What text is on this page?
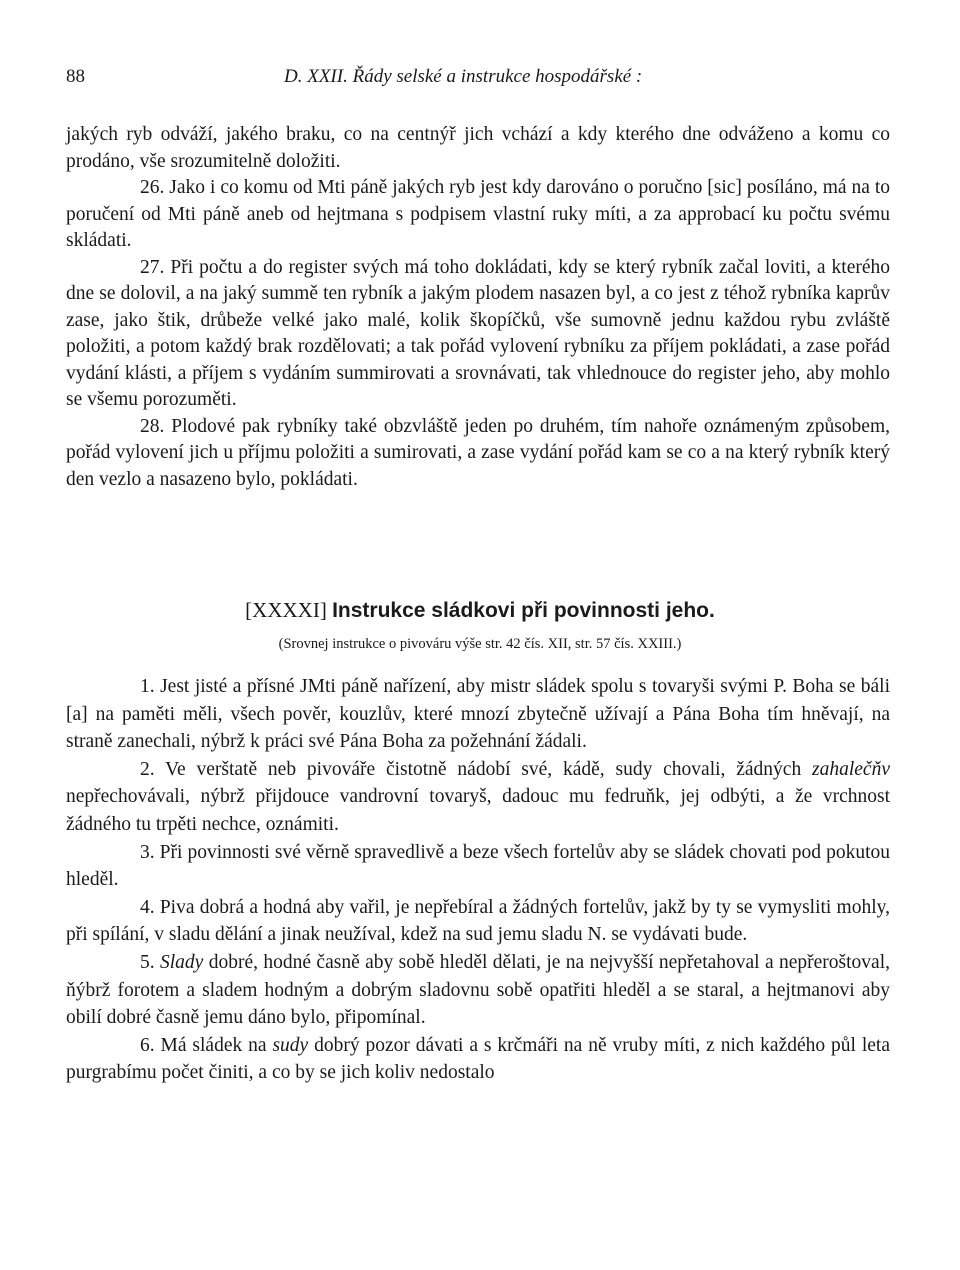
88	D. XXII. Řády selské a instrukce hospodářské :

jakých ryb odváží, jakého braku, co na centnýř jich vchází a kdy kterého dne odváženo a komu co prodáno, vše srozumitelně doložiti.

26. Jako i co komu od Mti páně jakých ryb jest kdy darováno o poručno [sic] posíláno, má na to poručení od Mti páně aneb od hejtmana s podpisem vlastní ruky míti, a za approbací ku počtu svému skládati.

27. Při počtu a do register svých má toho dokládati, kdy se který rybník začal loviti, a kterého dne se dolovil, a na jaký summě ten rybník a jakým plodem nasazen byl, a co jest z téhož rybníka kaprův zase, jako štik, drůbeže velké jako malé, kolik škopíčků, vše sumovně jednu každou rybu zvláště položiti, a potom každý brak rozdělovati; a tak pořád vylovení rybníku za příjem pokládati, a zase pořád vydání klásti, a příjem s vydáním summirovati a srovnávati, tak vhlednouce do register jeho, aby mohlo se všemu porozuměti.

28. Plodové pak rybníky také obzvláště jeden po druhém, tím nahoře oznámeným způsobem, pořád vylovení jich u příjmu položiti a sumirovati, a zase vydání pořád kam se co a na který rybník který den vezlo a nasazeno bylo, pokládati.

[XXXXI] Instrukce sládkovi při povinnosti jeho.
(Srovnej instrukce o pivováru výše str. 42 čís. XII, str. 57 čís. XXIII.)

1. Jest jisté a přísné JMti páně nařízení, aby mistr sládek spolu s tovaryši svými P. Boha se báli [a] na paměti měli, všech pověr, kouzlův, které mnozí zbytečně užívají a Pána Boha tím hněvají, na straně zanechali, nýbrž k práci své Pána Boha za požehnání žádali.

2. Ve verštatě neb pivováře čistotně nádobí své, kádě, sudy chovali, žádných zahalečňv nepřechovávali, nýbrž přijdouce vandrovní tovaryš, dadouc mu fedruňk, jej odbýti, a že vrchnost žádného tu trpěti nechce, oznámiti.

3. Při povinnosti své věrně spravedlivě a beze všech fortelův aby se sládek chovati pod pokutou hleděl.

4. Piva dobrá a hodná aby vařil, je nepřebíral a žádných fortelův, jakž by ty se vymysliti mohly, při spílání, v sladu dělání a jinak neužíval, kdež na sud jemu sladu N. se vydávati bude.

5. Slady dobré, hodné časně aby sobě hleděl dělati, je na nejvyšší nepřetahoval a nepřeroštoval, ňýbrž forotem a sladem hodným a dobrým sladovnu sobě opatřiti hleděl a se staral, a hejtmanovi aby obilí dobré časně jemu dáno bylo, připomínal.

6. Má sládek na sudy dobrý pozor dávati a s krčmáři na ně vruby míti, z nich každého půl leta purgrabímu počet činiti, a co by se jich koliv nedostalo
